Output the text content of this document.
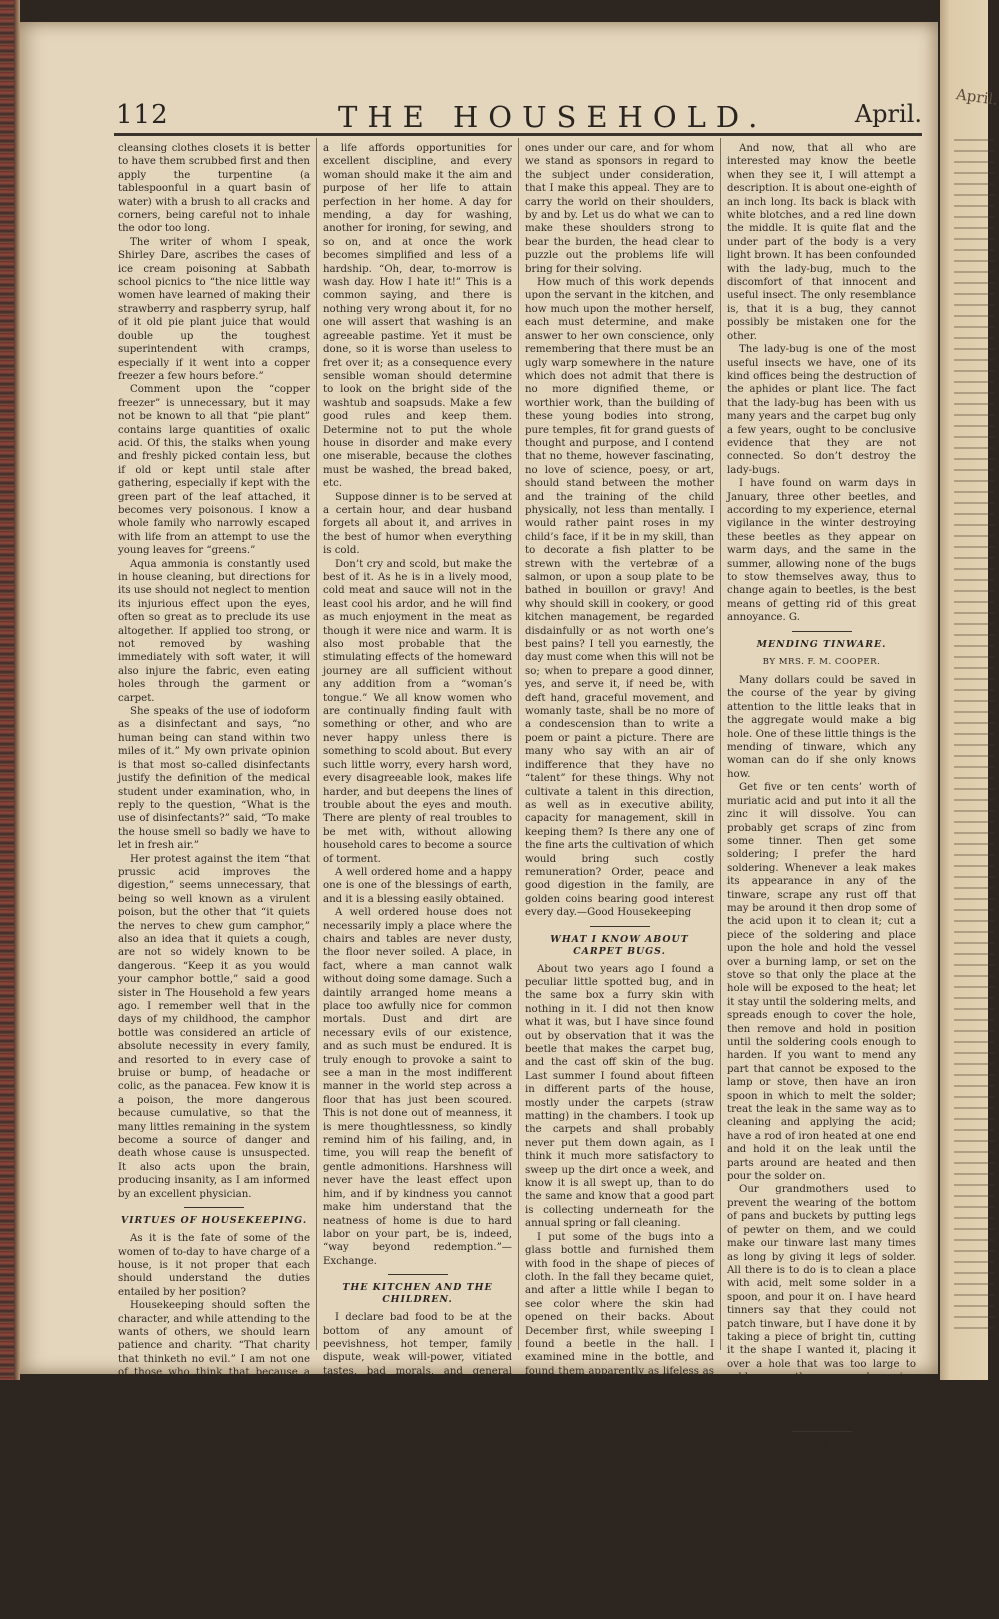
April.
112	THE HOUSEHOLD.	April.

cleansing clothes closets it is better to have them scrubbed first and then apply the turpentine (a tablespoonful in a quart basin of water) with a brush to all cracks and corners, being careful not to inhale the odor too long.

The writer of whom I speak, Shirley Dare, ascribes the cases of ice cream poisoning at Sabbath school picnics to “the nice little way women have learned of making their strawberry and raspberry syrup, half of it old pie plant juice that would double up the toughest superintendent with cramps, especially if it went into a copper freezer a few hours before.”

Comment upon the “copper freezer” is unnecessary, but it may not be known to all that “pie plant” contains large quantities of oxalic acid. Of this, the stalks when young and freshly picked contain less, but if old or kept until stale after gathering, especially if kept with the green part of the leaf attached, it becomes very poisonous. I know a whole family who narrowly escaped with life from an attempt to use the young leaves for “greens.”

Aqua ammonia is constantly used in house cleaning, but directions for its use should not neglect to mention its injurious effect upon the eyes, often so great as to preclude its use altogether. If applied too strong, or not removed by washing immediately with soft water, it will also injure the fabric, even eating holes through the garment or carpet.

She speaks of the use of iodoform as a disinfectant and says, “no human being can stand within two miles of it.” My own private opinion is that most so-called disinfectants justify the definition of the medical student under examination, who, in reply to the question, “What is the use of disinfectants?” said, “To make the house smell so badly we have to let in fresh air.”

Her protest against the item “that prussic acid improves the digestion,” seems unnecessary, that being so well known as a virulent poison, but the other that “it quiets the nerves to chew gum camphor,” also an idea that it quiets a cough, are not so widely known to be dangerous. “Keep it as you would your camphor bottle,” said a good sister in The Household a few years ago. I remember well that in the days of my childhood, the camphor bottle was considered an article of absolute necessity in every family, and resorted to in every case of bruise or bump, of headache or colic, as the panacea. Few know it is a poison, the more dangerous because cumulative, so that the many littles remaining in the system become a source of danger and death whose cause is unsuspected. It also acts upon the brain, producing insanity, as I am informed by an excellent physician.

VIRTUES OF HOUSEKEEPING.

As it is the fate of some of the women of to-day to have charge of a house, is it not proper that each should understand the duties entailed by her position?

Housekeeping should soften the character, and while attending to the wants of others, we should learn patience and charity. “That charity that thinketh no evil.” I am not one of those who think that because a woman has a husband who is inclined to be disagreeable, she should constitute herself his meek and humble servant. Yet we all know that there is work to be done that can only be done by a woman, but there is no necessity to be fretting about. How many faces once lovely, how many amiable dispositions become entirely transformed from constant repinings at what cannot be helped.

Domestic avocations, if properly engaged in, will not injure the doer. Such

a life affords opportunities for excellent discipline, and every woman should make it the aim and purpose of her life to attain perfection in her home. A day for mending, a day for washing, another for ironing, for sewing, and so on, and at once the work becomes simplified and less of a hardship. “Oh, dear, to-morrow is wash day. How I hate it!” This is a common saying, and there is nothing very wrong about it, for no one will assert that washing is an agreeable pastime. Yet it must be done, so it is worse than useless to fret over it; as a consequence every sensible woman should determine to look on the bright side of the washtub and soapsuds. Make a few good rules and keep them. Determine not to put the whole house in disorder and make every one miserable, because the clothes must be washed, the bread baked, etc.

Suppose dinner is to be served at a certain hour, and dear husband forgets all about it, and arrives in the best of humor when everything is cold.

Don’t cry and scold, but make the best of it. As he is in a lively mood, cold meat and sauce will not in the least cool his ardor, and he will find as much enjoyment in the meat as though it were nice and warm. It is also most probable that the stimulating effects of the homeward journey are all sufficient without any addition from a “woman’s tongue.” We all know women who are continually finding fault with something or other, and who are never happy unless there is something to scold about. But every such little worry, every harsh word, every disagreeable look, makes life harder, and but deepens the lines of trouble about the eyes and mouth. There are plenty of real troubles to be met with, without allowing household cares to become a source of torment.

A well ordered home and a happy one is one of the blessings of earth, and it is a blessing easily obtained.

A well ordered house does not necessarily imply a place where the chairs and tables are never dusty, the floor never soiled. A place, in fact, where a man cannot walk without doing some damage. Such a daintily arranged home means a place too awfully nice for common mortals. Dust and dirt are necessary evils of our existence, and as such must be endured. It is truly enough to provoke a saint to see a man in the most indifferent manner in the world step across a floor that has just been scoured. This is not done out of meanness, it is mere thoughtlessness, so kindly remind him of his failing, and, in time, you will reap the benefit of gentle admonitions. Harshness will never have the least effect upon him, and if by kindness you cannot make him understand that the neatness of home is due to hard labor on your part, be is, indeed, “way beyond redemption.”—Exchange.

THE KITCHEN AND THE CHILDREN.

I declare bad food to be at the bottom of any amount of peevishness, hot temper, family dispute, weak will-power, vitiated tastes, bad morals, and general viciousness. How often, ah, how often has a badly cooked breakfast caused ill temper, and hard, unloving words, and clouded over the blue sky of a day which God meant should be full of sunshine and the singing birds! Many a child has smarted under punishment which never would have been administered if there had not been hot cakes with syrup for breakfast. The mother called it naughtiness. It was indigestion. We have a friend who declares she can always tell when her children have been indulged in these disturbers of the digestive peace for their morning repast; and it is for these little

ones under our care, and for whom we stand as sponsors in regard to the subject under consideration, that I make this appeal. They are to carry the world on their shoulders, by and by. Let us do what we can to make these shoulders strong to bear the burden, the head clear to puzzle out the problems life will bring for their solving.

How much of this work depends upon the servant in the kitchen, and how much upon the mother herself, each must determine, and make answer to her own conscience, only remembering that there must be an ugly warp somewhere in the nature which does not admit that there is no more dignified theme, or worthier work, than the building of these young bodies into strong, pure temples, fit for grand guests of thought and purpose, and I contend that no theme, however fascinating, no love of science, poesy, or art, should stand between the mother and the training of the child physically, not less than mentally. I would rather paint roses in my child’s face, if it be in my skill, than to decorate a fish platter to be strewn with the vertebræ of a salmon, or upon a soup plate to be bathed in bouillon or gravy! And why should skill in cookery, or good kitchen management, be regarded disdainfully or as not worth one’s best pains? I tell you earnestly, the day must come when this will not be so; when to prepare a good dinner, yes, and serve it, if need be, with deft hand, graceful movement, and womanly taste, shall be no more of a condescension than to write a poem or paint a picture. There are many who say with an air of indifference that they have no “talent” for these things. Why not cultivate a talent in this direction, as well as in executive ability, capacity for management, skill in keeping them? Is there any one of the fine arts the cultivation of which would bring such costly remuneration? Order, peace and good digestion in the family, are golden coins bearing good interest every day.—Good Housekeeping

WHAT I KNOW ABOUT CARPET BUGS.

About two years ago I found a peculiar little spotted bug, and in the same box a furry skin with nothing in it. I did not then know what it was, but I have since found out by observation that it was the beetle that makes the carpet bug, and the cast off skin of the bug. Last summer I found about fifteen in different parts of the house, mostly under the carpets (straw matting) in the chambers. I took up the carpets and shall probably never put them down again, as I think it much more satisfactory to sweep up the dirt once a week, and know it is all swept up, than to do the same and know that a good part is collecting underneath for the annual spring or fall cleaning.

I put some of the bugs into a glass bottle and furnished them with food in the shape of pieces of cloth. In the fall they became quiet, and after a little while I began to see color where the skin had opened on their backs. About December first, while sweeping I found a beetle in the hall. I examined mine in the bottle, and found them apparently as lifeless as they had been for two or three months. I thoughtlessly left the bottle where the sun shone on it, and in about one-half hour there were six lively beetles and six empty carpet bug skins. The process by which the buffalo or carpet bug comes from this beetle I have not yet discovered, but I have understood that they lay eggs which when hatched are the little, black, furry pests. If this is so, it will readily be seen that the destruction of these beetles will help prevent the ravages of the bug.

And now, that all who are interested may know the beetle when they see it, I will attempt a description. It is about one-eighth of an inch long. Its back is black with white blotches, and a red line down the middle. It is quite flat and the under part of the body is a very light brown. It has been confounded with the lady-bug, much to the discomfort of that innocent and useful insect. The only resemblance is, that it is a bug, they cannot possibly be mistaken one for the other.

The lady-bug is one of the most useful insects we have, one of its kind offices being the destruction of the aphides or plant lice. The fact that the lady-bug has been with us many years and the carpet bug only a few years, ought to be conclusive evidence that they are not connected. So don’t destroy the lady-bugs.

I have found on warm days in January, three other beetles, and according to my experience, eternal vigilance in the winter destroying these beetles as they appear on warm days, and the same in the summer, allowing none of the bugs to stow themselves away, thus to change again to beetles, is the best means of getting rid of this great annoyance. G.

MENDING TINWARE.
BY MRS. F. M. COOPER.

Many dollars could be saved in the course of the year by giving attention to the little leaks that in the aggregate would make a big hole. One of these little things is the mending of tinware, which any woman can do if she only knows how.

Get five or ten cents’ worth of muriatic acid and put into it all the zinc it will dissolve. You can probably get scraps of zinc from some tinner. Then get some soldering; I prefer the hard soldering. Whenever a leak makes its appearance in any of the tinware, scrape any rust off that may be around it then drop some of the acid upon it to clean it; cut a piece of the soldering and place upon the hole and hold the vessel over a burning lamp, or set on the stove so that only the place at the hole will be exposed to the heat; let it stay until the soldering melts, and spreads enough to cover the hole, then remove and hold in position until the soldering cools enough to harden. If you want to mend any part that cannot be exposed to the lamp or stove, then have an iron spoon in which to melt the solder; treat the leak in the same way as to cleaning and applying the acid; have a rod of iron heated at one end and hold it on the leak until the parts around are heated and then pour the solder on.

Our grandmothers used to prevent the wearing of the bottom of pans and buckets by putting legs of pewter on them, and we could make our tinware last many times as long by giving it legs of solder. All there is to do is to clean a place with acid, melt some solder in a spoon, and pour it on. I have heard tinners say that they could not patch tinware, but I have done it by taking a piece of bright tin, cutting it the shape I wanted it, placing it over a hole that was too large to solder any other way, and pouring hot solder around the edges. It will have to be well cleaned with acid and heated some.—Ex.

ABOUT PATCHING AND DARNING.

Not every one is able to neatly lay a patch or darn a rent who may desire to do so; hence we advance a few helpful suggestions. In patching start by cutting a piece of material of a size slightly larger than to completely cover the worn place. Cut it accurately by the thread; nothing looks more untidy than a crooked patch with unshapely corners.
